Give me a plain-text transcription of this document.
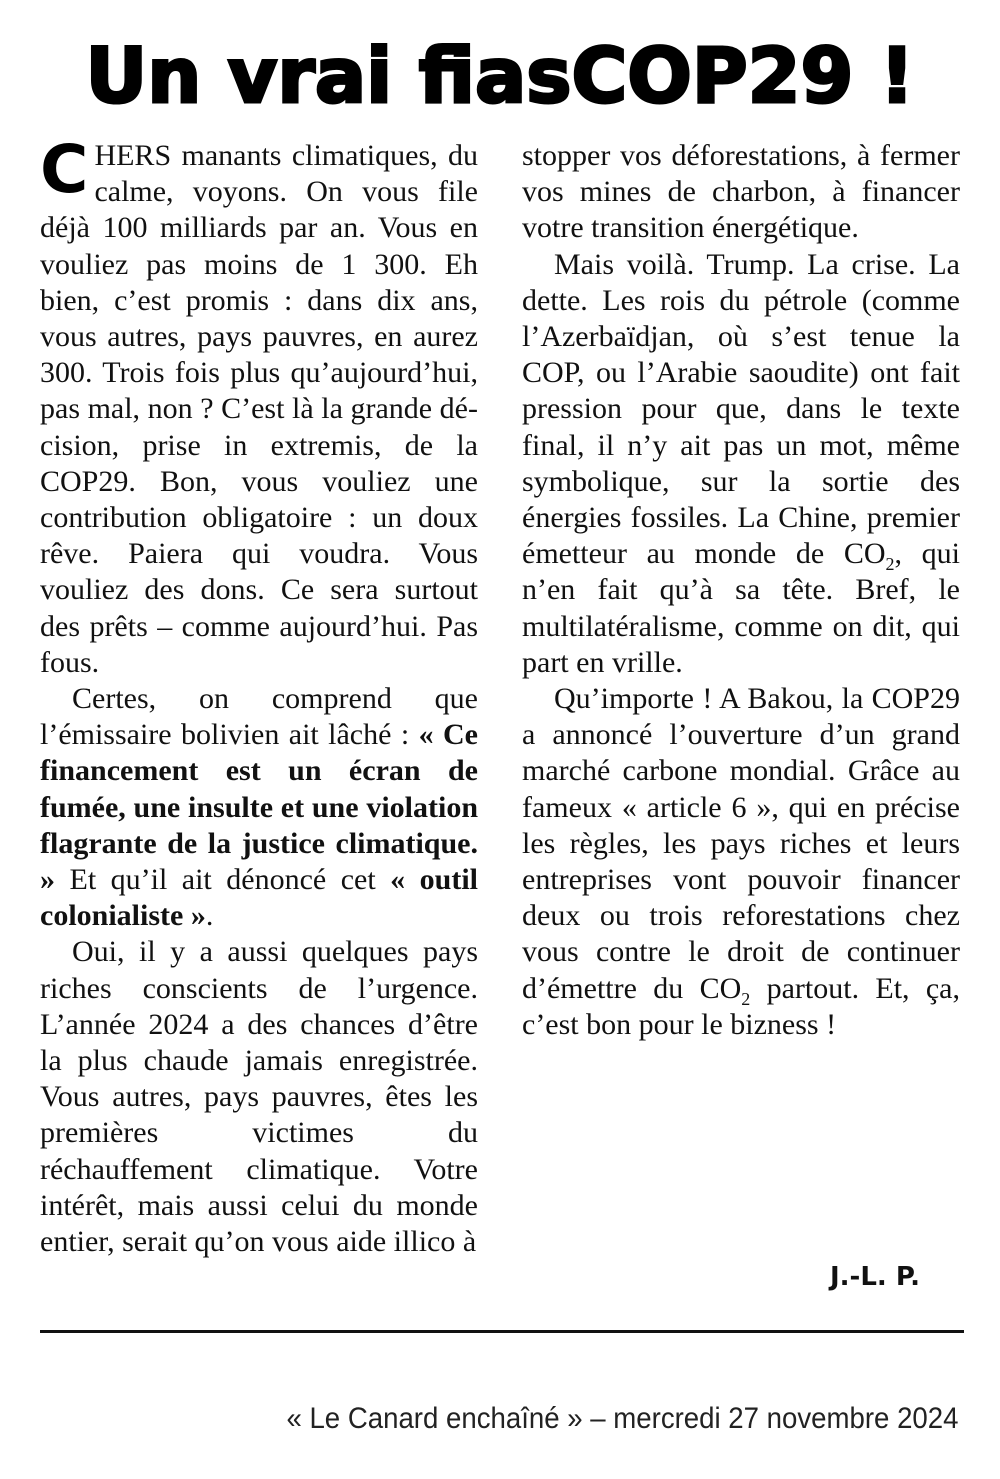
Un vrai fiasCOP29 !

CHERS manants climatiques, du calme, voyons. On vous file déjà 100 milliards par an. Vous en vouliez pas moins de 1 300. Eh bien, c’est promis : dans dix ans, vous autres, pays pauvres, en aurez 300. Trois fois plus qu’aujourd’hui, pas mal, non ? C’est là la grande décision, prise in extremis, de la COP29. Bon, vous vouliez une contribution obligatoire : un doux rêve. Paiera qui voudra. Vous vouliez des dons. Ce sera surtout des prêts – comme aujourd’hui. Pas fous.

Certes, on comprend que l’émissaire bolivien ait lâché : « Ce financement est un écran de fumée, une insulte et une violation flagrante de la justice climatique. » Et qu’il ait dénoncé cet « outil colonialiste ».

Oui, il y a aussi quelques pays riches conscients de l’urgence. L’année 2024 a des chances d’être la plus chaude jamais enregistrée. Vous autres, pays pauvres, êtes les premières victimes du réchauffement climatique. Votre intérêt, mais aussi celui du monde entier, serait qu’on vous aide illico à

stopper vos déforestations, à fermer vos mines de charbon, à financer votre transition énergétique.

Mais voilà. Trump. La crise. La dette. Les rois du pétrole (comme l’Azerbaïdjan, où s’est tenue la COP, ou l’Arabie saoudite) ont fait pression pour que, dans le texte final, il n’y ait pas un mot, même symbolique, sur la sortie des énergies fossiles. La Chine, premier émetteur au monde de $CO_2$, qui n’en fait qu’à sa tête. Bref, le multilatéralisme, comme on dit, qui part en vrille.

Qu’importe ! A Bakou, la COP29 a annoncé l’ouverture d’un grand marché carbone mondial. Grâce au fameux « article 6 », qui en précise les règles, les pays riches et leurs entreprises vont pouvoir financer deux ou trois reforestations chez vous contre le droit de continuer d’émettre du $CO_2$ partout. Et, ça, c’est bon pour le bizness !

J.-L. P.
« Le Canard enchaîné » – mercredi 27 novembre 2024
